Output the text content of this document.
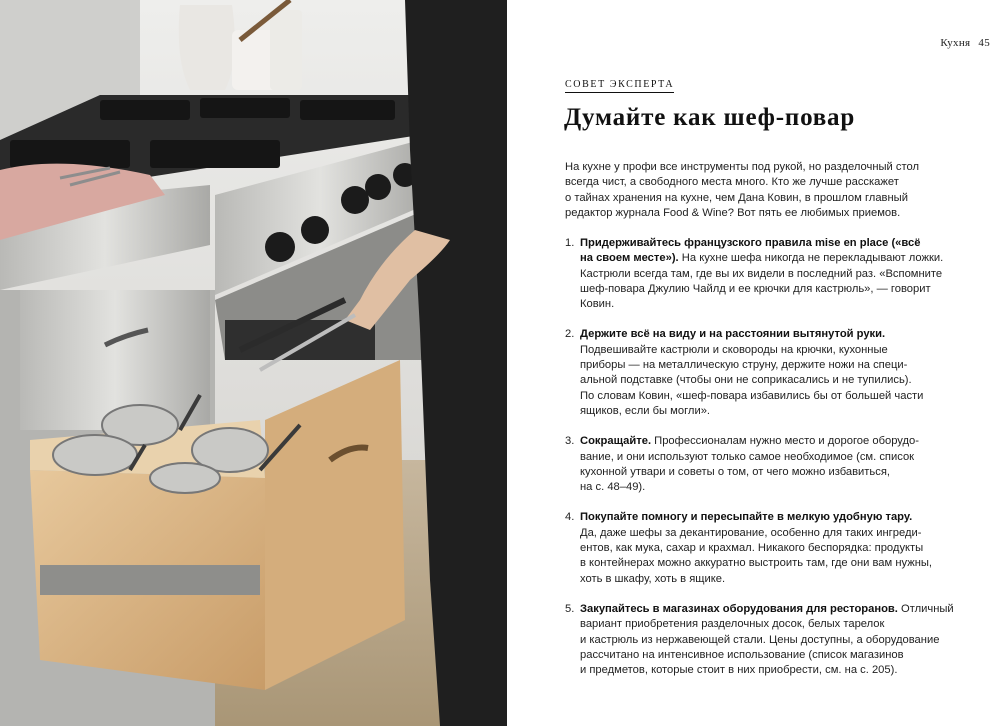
Кухня 45
СОВЕТ ЭКСПЕРТА
Думайте как шеф-повар
На кухне у профи все инструменты под рукой, но разделочный стол
всегда чист, а свободного места много. Кто же лучше расскажет
о тайнах хранения на кухне, чем Дана Ковин, в прошлом главный
редактор журнала Food & Wine? Вот пять ее любимых приемов.
1. Придерживайтесь французского правила mise en place («всё
на своем месте»). На кухне шефа никогда не перекладывают ложки.
Кастрюли всегда там, где вы их видели в последний раз. «Вспомните
шеф-повара Джулию Чайлд и ее крючки для кастрюль», — говорит
Ковин.
2. Держите всё на виду и на расстоянии вытянутой руки.
Подвешивайте кастрюли и сковороды на крючки, кухонные
приборы — на металлическую струну, держите ножи на специ-
альной подставке (чтобы они не соприкасались и не тупились).
По словам Ковин, «шеф-повара избавились бы от большей части
ящиков, если бы могли».
3. Сокращайте. Профессионалам нужно место и дорогое оборудо-
вание, и они используют только самое необходимое (см. список
кухонной утвари и советы о том, от чего можно избавиться,
на с. 48–49).
4. Покупайте помногу и пересыпайте в мелкую удобную тару.
Да, даже шефы за декантирование, особенно для таких ингреди-
ентов, как мука, сахар и крахмал. Никакого беспорядка: продукты
в контейнерах можно аккуратно выстроить там, где они вам нужны,
хоть в шкафу, хоть в ящике.
5. Закупайтесь в магазинах оборудования для ресторанов. Отличный
вариант приобретения разделочных досок, белых тарелок
и кастрюль из нержавеющей стали. Цены доступны, а оборудование
рассчитано на интенсивное использование (список магазинов
и предметов, которые стоит в них приобрести, см. на с. 205).
